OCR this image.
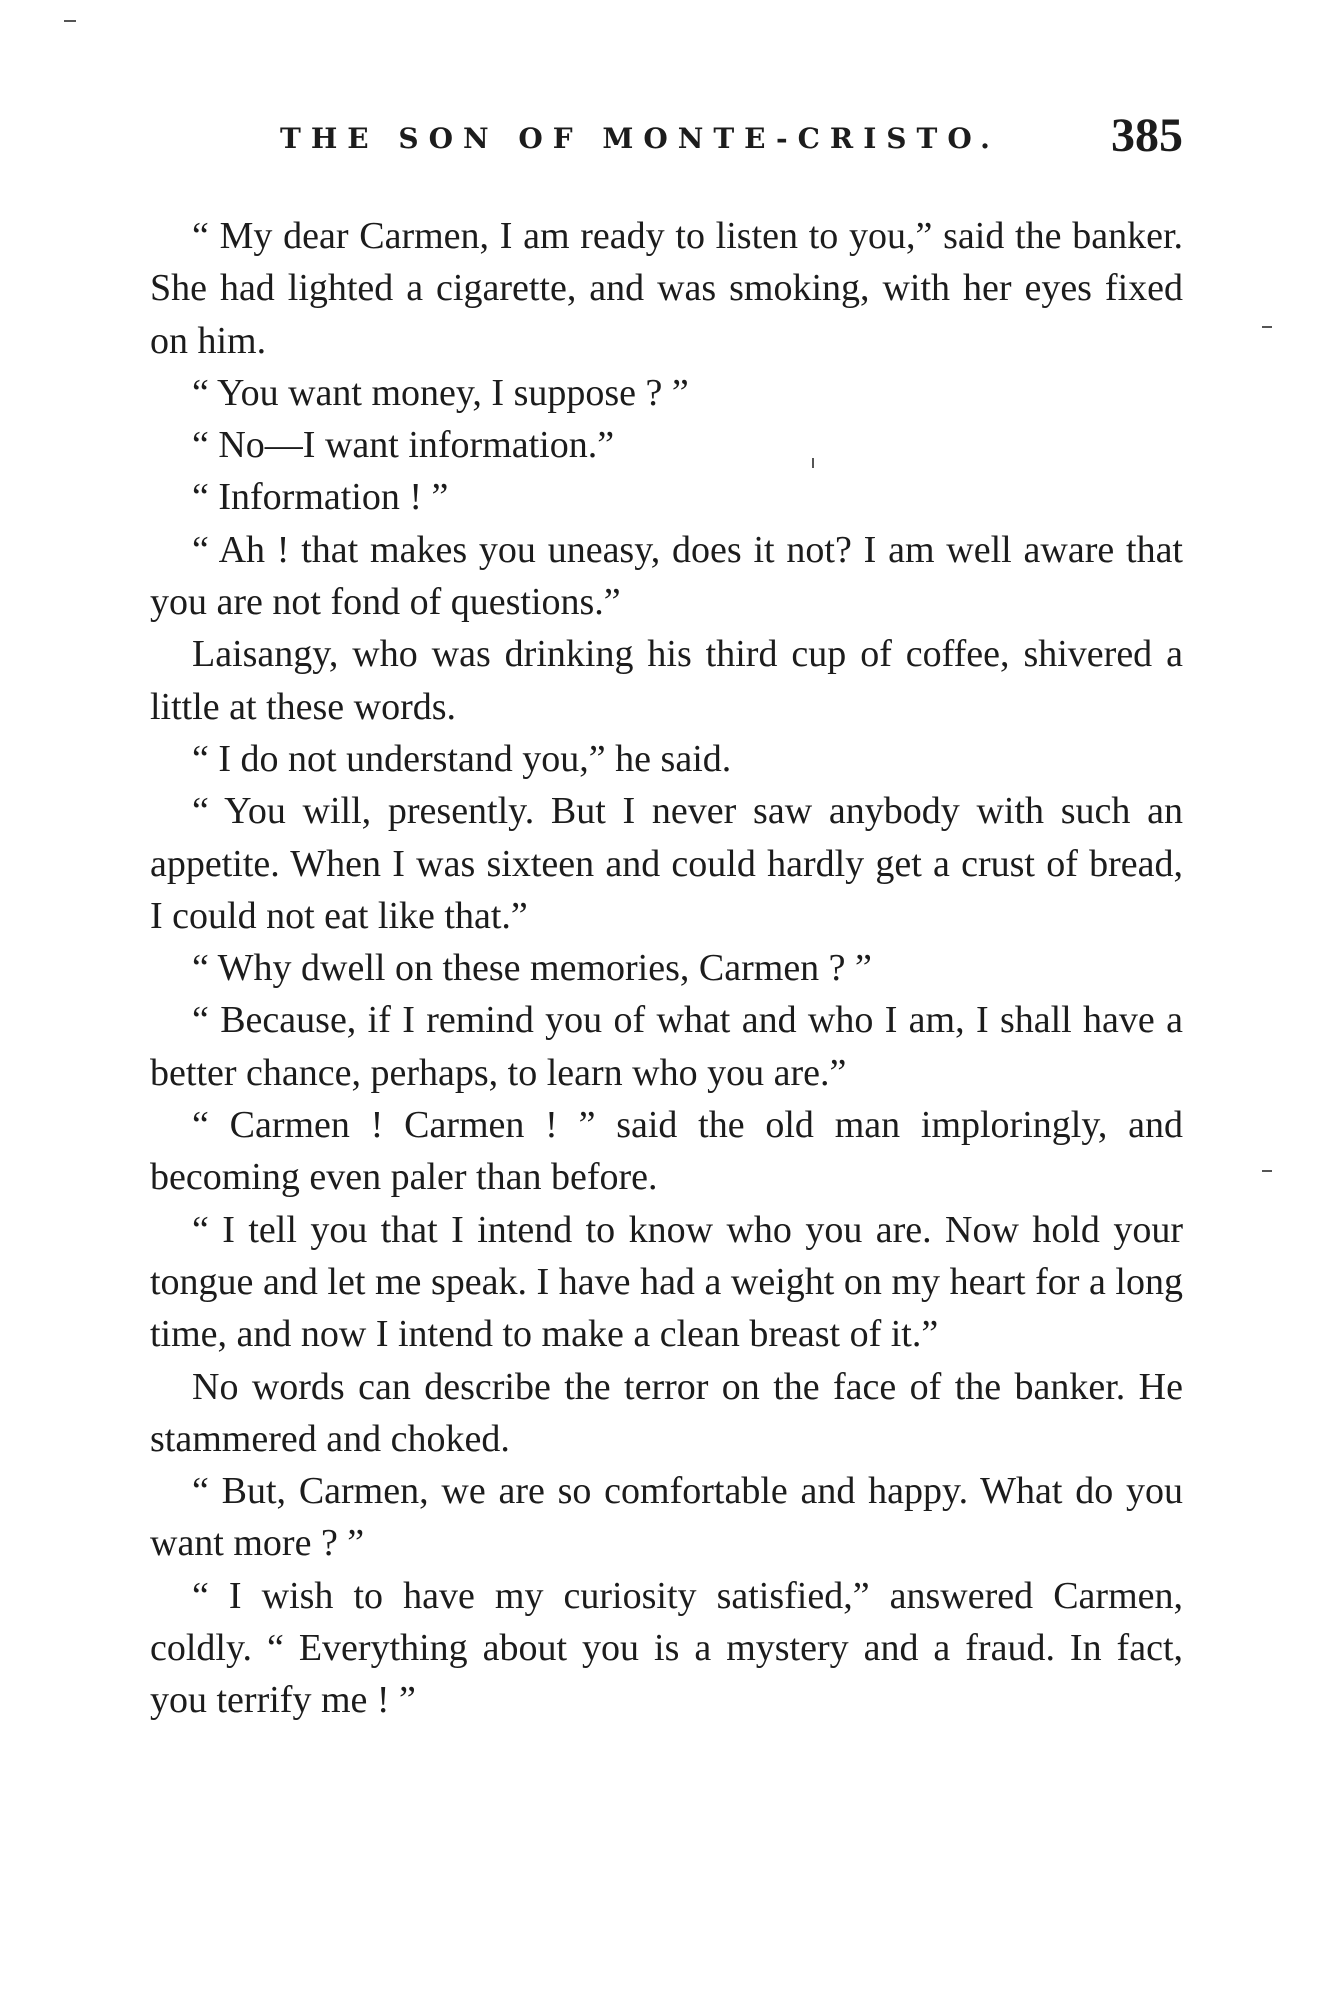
THE SON OF MONTE-CRISTO. 385

“ My dear Carmen, I am ready to listen to you,” said the banker. She had lighted a cigarette, and was smoking, with her eyes fixed on him.

“ You want money, I suppose ? ”

“ No—I want information.”

“ Information ! ”

“ Ah ! that makes you uneasy, does it not? I am well aware that you are not fond of questions.”

Laisangy, who was drinking his third cup of coffee, shivered a little at these words.

“ I do not understand you,” he said.

“ You will, presently. But I never saw anybody with such an appetite. When I was sixteen and could hardly get a crust of bread, I could not eat like that.”

“ Why dwell on these memories, Carmen ? ”

“ Because, if I remind you of what and who I am, I shall have a better chance, perhaps, to learn who you are.”

“ Carmen ! Carmen ! ” said the old man imploringly, and becoming even paler than before.

“ I tell you that I intend to know who you are. Now hold your tongue and let me speak. I have had a weight on my heart for a long time, and now I intend to make a clean breast of it.”

No words can describe the terror on the face of the banker. He stammered and choked.

“ But, Carmen, we are so comfortable and happy. What do you want more ? ”

“ I wish to have my curiosity satisfied,” answered Carmen, coldly. “ Everything about you is a mystery and a fraud. In fact, you terrify me ! ”
